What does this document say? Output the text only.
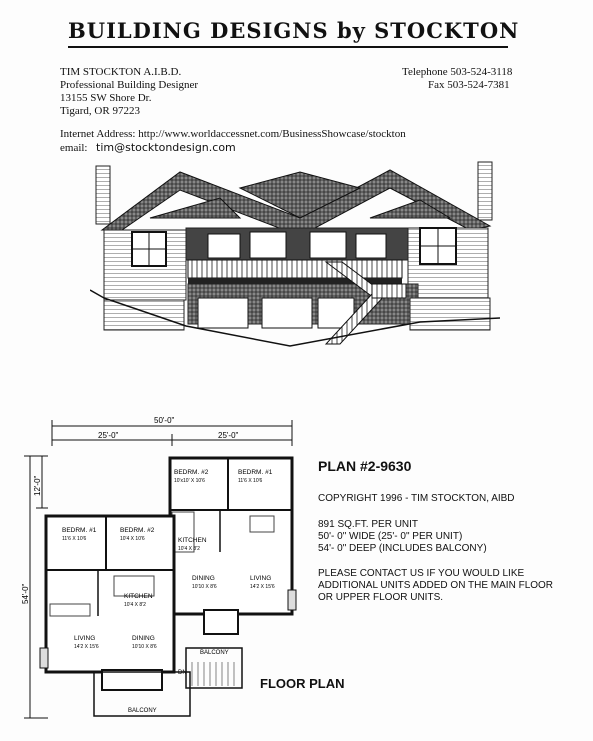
BUILDING DESIGNS by STOCKTON
TIM STOCKTON A.I.B.D.
Professional Building Designer
13155 SW Shore Dr.
Tigard, OR 97223
Telephone 503-524-3118
Fax 503-524-7381
Internet Address: http://www.worldaccessnet.com/BusinessShowcase/stockton
email: tim@stocktondesign.com
50'-0"
25'-0"	25'-0"
12'-0"
54'-0"
BEDRM. #2
10'x10' X 10'6
BEDRM. #1
11'6 X 10'6
KITCHEN
10'4 X 8'2
DINING
10'10 X 8'6
LIVING
14'2 X 15'6
BEDRM. #1
11'6 X 10'6
BEDRM. #2
10'4 X 10'6
KITCHEN
10'4 X 8'2
LIVING
14'2 X 15'6
DINING
10'10 X 8'6
BALCONY
DN
BALCONY
PLAN #2-9630
COPYRIGHT 1996 - TIM STOCKTON, AIBD
891 SQ.FT. PER UNIT
50'- 0" WIDE (25'- 0" PER UNIT)
54'- 0" DEEP (INCLUDES BALCONY)
PLEASE CONTACT US IF YOU WOULD LIKE
ADDITIONAL UNITS ADDED ON THE MAIN FLOOR
OR UPPER FLOOR UNITS.
FLOOR PLAN
